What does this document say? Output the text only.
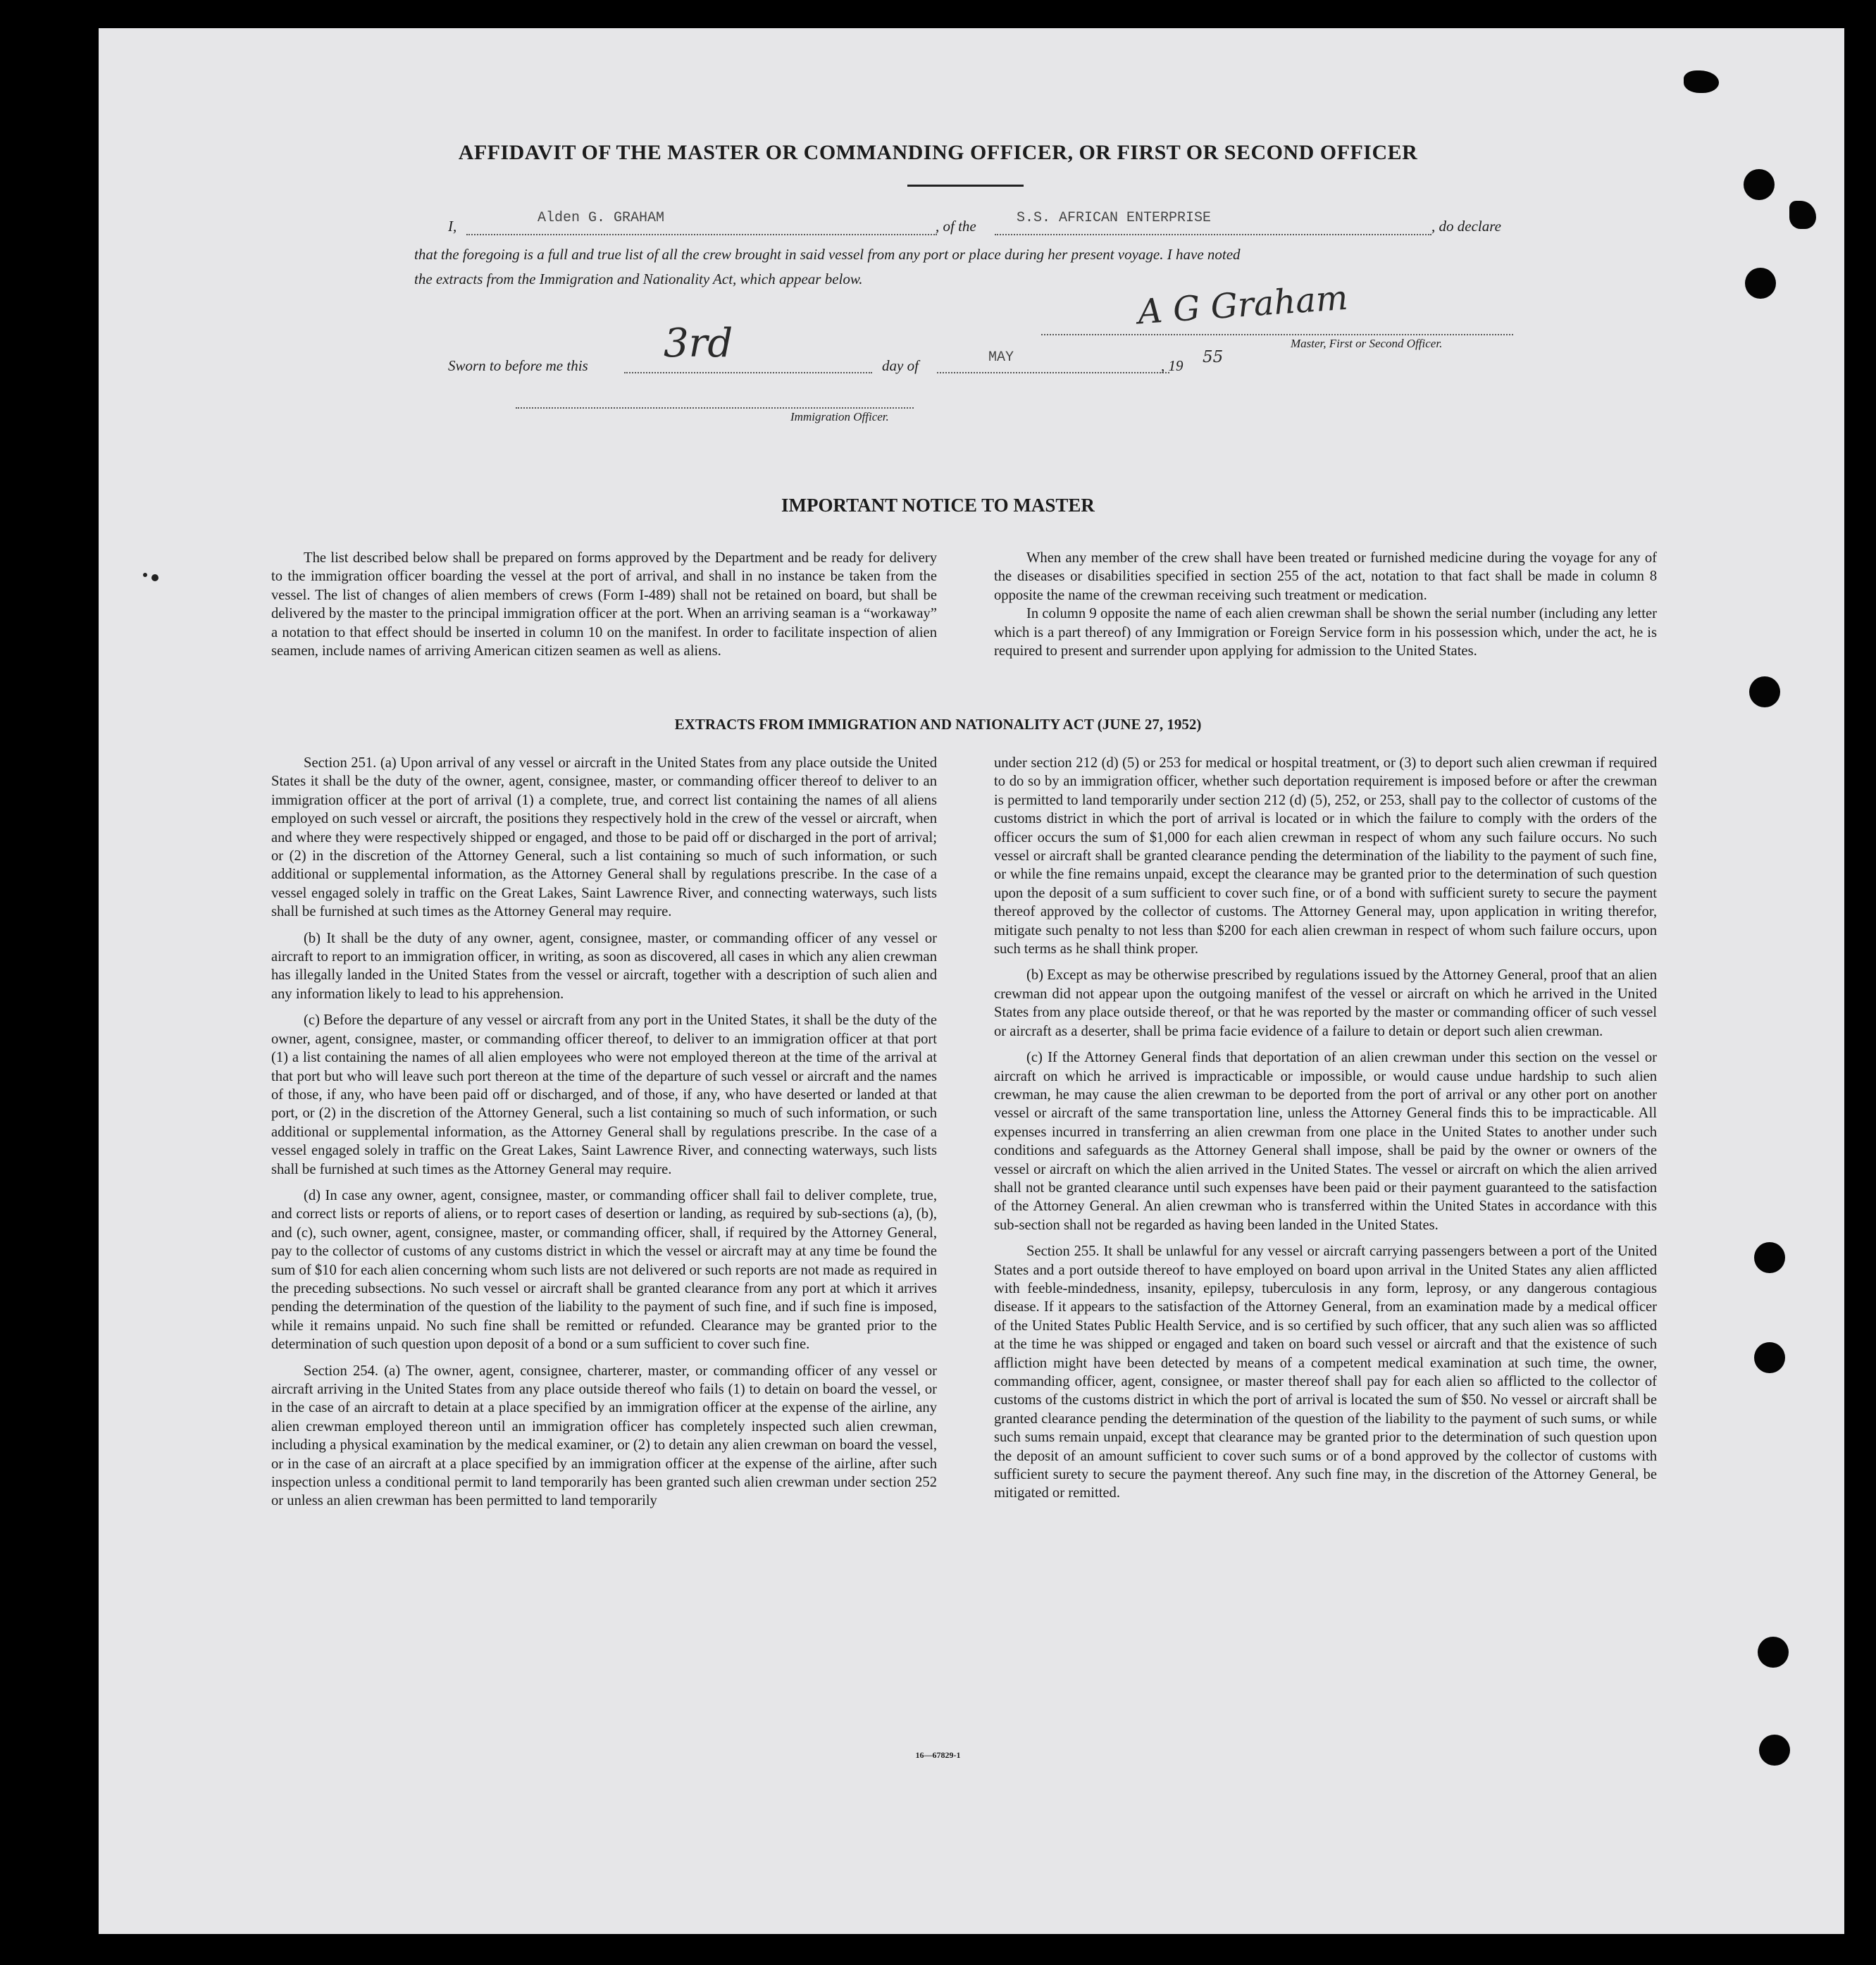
AFFIDAVIT OF THE MASTER OR COMMANDING OFFICER, OR FIRST OR SECOND OFFICER
I,	Alden G. GRAHAM	, of the	S.S. AFRICAN ENTERPRISE	, do declare
that the foregoing is a full and true list of all the crew brought in said vessel from any port or place during her present voyage. I have noted
the extracts from the Immigration and Nationality Act, which appear below.	A G Graham
Master, First or Second Officer.
Sworn to before me this 3rd	day of	MAY	, 19 55
Immigration Officer.
IMPORTANT NOTICE TO MASTER

The list described below shall be prepared on forms approved by the Department and be ready for delivery to the immigration officer boarding the vessel at the port of arrival, and shall in no instance be taken from the vessel. The list of changes of alien members of crews (Form I-489) shall not be retained on board, but shall be delivered by the master to the principal immigration officer at the port. When an arriving seaman is a “workaway” a notation to that effect should be inserted in column 10 on the manifest. In order to facilitate inspection of alien seamen, include names of arriving American citizen seamen as well as aliens.

When any member of the crew shall have been treated or furnished medicine during the voyage for any of the diseases or disabilities specified in section 255 of the act, notation to that fact shall be made in column 8 opposite the name of the crewman receiving such treatment or medication.

In column 9 opposite the name of each alien crewman shall be shown the serial number (including any letter which is a part thereof) of any Immigration or Foreign Service form in his possession which, under the act, he is required to present and surrender upon applying for admission to the United States.

EXTRACTS FROM IMMIGRATION AND NATIONALITY ACT (JUNE 27, 1952)

Section 251. (a) Upon arrival of any vessel or aircraft in the United States from any place outside the United States it shall be the duty of the owner, agent, consignee, master, or commanding officer thereof to deliver to an immigration officer at the port of arrival (1) a complete, true, and correct list containing the names of all aliens employed on such vessel or aircraft, the positions they respectively hold in the crew of the vessel or aircraft, when and where they were respectively shipped or engaged, and those to be paid off or discharged in the port of arrival; or (2) in the discretion of the Attorney General, such a list containing so much of such information, or such additional or supplemental information, as the Attorney General shall by regulations prescribe. In the case of a vessel engaged solely in traffic on the Great Lakes, Saint Lawrence River, and connecting waterways, such lists shall be furnished at such times as the Attorney General may require.

(b) It shall be the duty of any owner, agent, consignee, master, or commanding officer of any vessel or aircraft to report to an immigration officer, in writing, as soon as discovered, all cases in which any alien crewman has illegally landed in the United States from the vessel or aircraft, together with a description of such alien and any information likely to lead to his apprehension.

(c) Before the departure of any vessel or aircraft from any port in the United States, it shall be the duty of the owner, agent, consignee, master, or commanding officer thereof, to deliver to an immigration officer at that port (1) a list containing the names of all alien employees who were not employed thereon at the time of the arrival at that port but who will leave such port thereon at the time of the departure of such vessel or aircraft and the names of those, if any, who have been paid off or discharged, and of those, if any, who have deserted or landed at that port, or (2) in the discretion of the Attorney General, such a list containing so much of such information, or such additional or supplemental information, as the Attorney General shall by regulations prescribe. In the case of a vessel engaged solely in traffic on the Great Lakes, Saint Lawrence River, and connecting waterways, such lists shall be furnished at such times as the Attorney General may require.

(d) In case any owner, agent, consignee, master, or commanding officer shall fail to deliver complete, true, and correct lists or reports of aliens, or to report cases of desertion or landing, as required by sub-sections (a), (b), and (c), such owner, agent, consignee, master, or commanding officer, shall, if required by the Attorney General, pay to the collector of customs of any customs district in which the vessel or aircraft may at any time be found the sum of $10 for each alien concerning whom such lists are not delivered or such reports are not made as required in the preceding subsections. No such vessel or aircraft shall be granted clearance from any port at which it arrives pending the determination of the question of the liability to the payment of such fine, and if such fine is imposed, while it remains unpaid. No such fine shall be remitted or refunded. Clearance may be granted prior to the determination of such question upon deposit of a bond or a sum sufficient to cover such fine.

Section 254. (a) The owner, agent, consignee, charterer, master, or commanding officer of any vessel or aircraft arriving in the United States from any place outside thereof who fails (1) to detain on board the vessel, or in the case of an aircraft to detain at a place specified by an immigration officer at the expense of the airline, any alien crewman employed thereon until an immigration officer has completely inspected such alien crewman, including a physical examination by the medical examiner, or (2) to detain any alien crewman on board the vessel, or in the case of an aircraft at a place specified by an immigration officer at the expense of the airline, after such inspection unless a conditional permit to land temporarily has been granted such alien crewman under section 252 or unless an alien crewman has been permitted to land temporarily

under section 212 (d) (5) or 253 for medical or hospital treatment, or (3) to deport such alien crewman if required to do so by an immigration officer, whether such deportation requirement is imposed before or after the crewman is permitted to land temporarily under section 212 (d) (5), 252, or 253, shall pay to the collector of customs of the customs district in which the port of arrival is located or in which the failure to comply with the orders of the officer occurs the sum of $1,000 for each alien crewman in respect of whom any such failure occurs. No such vessel or aircraft shall be granted clearance pending the determination of the liability to the payment of such fine, or while the fine remains unpaid, except the clearance may be granted prior to the determination of such question upon the deposit of a sum sufficient to cover such fine, or of a bond with sufficient surety to secure the payment thereof approved by the collector of customs. The Attorney General may, upon application in writing therefor, mitigate such penalty to not less than $200 for each alien crewman in respect of whom such failure occurs, upon such terms as he shall think proper.

(b) Except as may be otherwise prescribed by regulations issued by the Attorney General, proof that an alien crewman did not appear upon the outgoing manifest of the vessel or aircraft on which he arrived in the United States from any place outside thereof, or that he was reported by the master or commanding officer of such vessel or aircraft as a deserter, shall be prima facie evidence of a failure to detain or deport such alien crewman.

(c) If the Attorney General finds that deportation of an alien crewman under this section on the vessel or aircraft on which he arrived is impracticable or impossible, or would cause undue hardship to such alien crewman, he may cause the alien crewman to be deported from the port of arrival or any other port on another vessel or aircraft of the same transportation line, unless the Attorney General finds this to be impracticable. All expenses incurred in transferring an alien crewman from one place in the United States to another under such conditions and safeguards as the Attorney General shall impose, shall be paid by the owner or owners of the vessel or aircraft on which the alien arrived in the United States. The vessel or aircraft on which the alien arrived shall not be granted clearance until such expenses have been paid or their payment guaranteed to the satisfaction of the Attorney General. An alien crewman who is transferred within the United States in accordance with this sub-section shall not be regarded as having been landed in the United States.

Section 255. It shall be unlawful for any vessel or aircraft carrying passengers between a port of the United States and a port outside thereof to have employed on board upon arrival in the United States any alien afflicted with feeble-mindedness, insanity, epilepsy, tuberculosis in any form, leprosy, or any dangerous contagious disease. If it appears to the satisfaction of the Attorney General, from an examination made by a medical officer of the United States Public Health Service, and is so certified by such officer, that any such alien was so afflicted at the time he was shipped or engaged and taken on board such vessel or aircraft and that the existence of such affliction might have been detected by means of a competent medical examination at such time, the owner, commanding officer, agent, consignee, or master thereof shall pay for each alien so afflicted to the collector of customs of the customs district in which the port of arrival is located the sum of $50. No vessel or aircraft shall be granted clearance pending the determination of the question of the liability to the payment of such sums, or while such sums remain unpaid, except that clearance may be granted prior to the determination of such question upon the deposit of an amount sufficient to cover such sums or of a bond approved by the collector of customs with sufficient surety to secure the payment thereof. Any such fine may, in the discretion of the Attorney General, be mitigated or remitted.

16—67829-1
